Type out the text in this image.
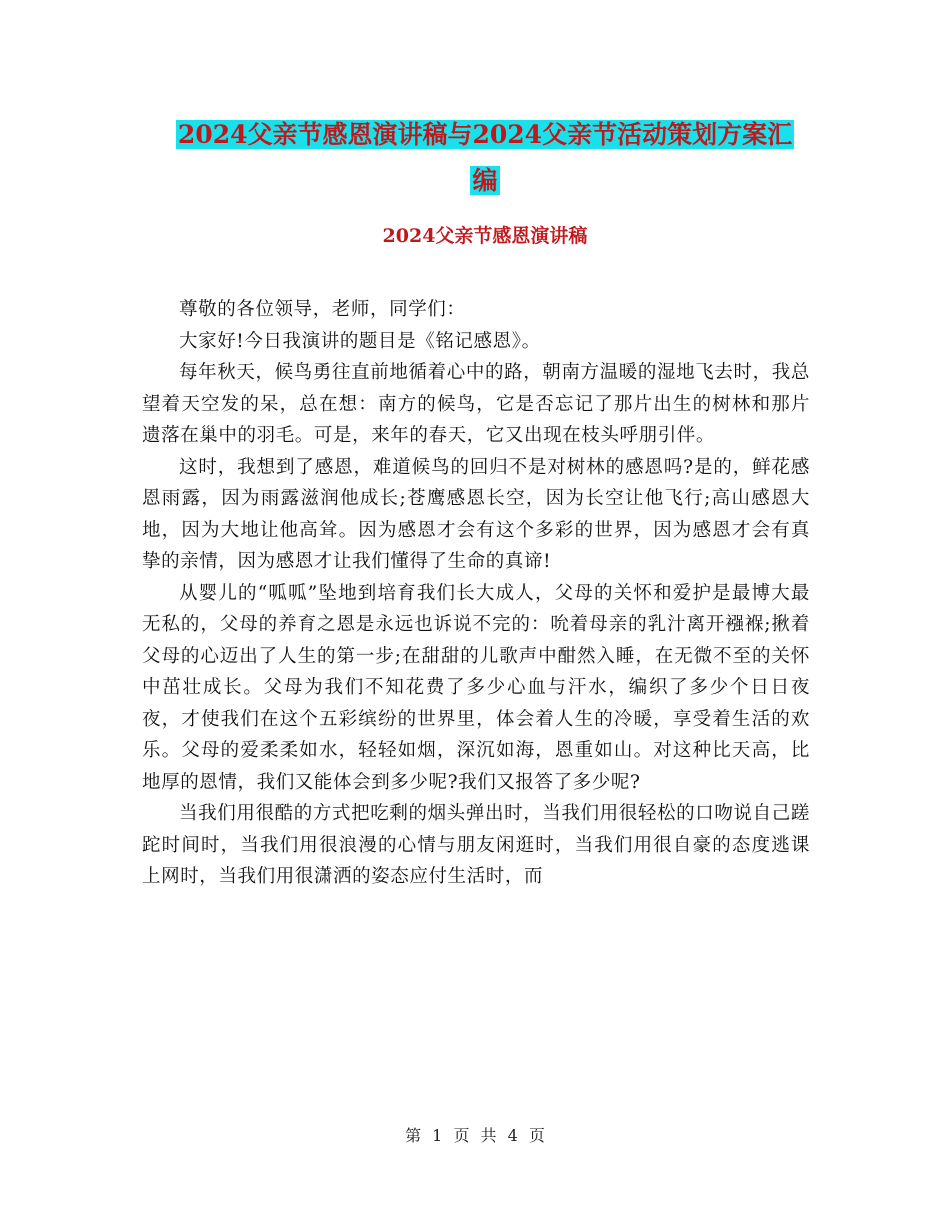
2024父亲节感恩演讲稿与2024父亲节活动策划方案汇
编
2024父亲节感恩演讲稿

尊敬的各位领导，老师，同学们：

大家好!今日我演讲的题目是《铭记感恩》。

每年秋天，候鸟勇往直前地循着心中的路，朝南方温暖的湿地飞去时，我总望着天空发的呆，总在想：南方的候鸟，它是否忘记了那片出生的树林和那片遗落在巢中的羽毛。可是，来年的春天，它又出现在枝头呼朋引伴。

这时，我想到了感恩，难道候鸟的回归不是对树林的感恩吗?是的，鲜花感恩雨露，因为雨露滋润他成长;苍鹰感恩长空，因为长空让他飞行;高山感恩大地，因为大地让他高耸。因为感恩才会有这个多彩的世界，因为感恩才会有真挚的亲情，因为感恩才让我们懂得了生命的真谛!

从婴儿的“呱呱”坠地到培育我们长大成人，父母的关怀和爱护是最博大最无私的，父母的养育之恩是永远也诉说不完的：吮着母亲的乳汁离开襁褓;揪着父母的心迈出了人生的第一步;在甜甜的儿歌声中酣然入睡，在无微不至的关怀中茁壮成长。父母为我们不知花费了多少心血与汗水，编织了多少个日日夜夜，才使我们在这个五彩缤纷的世界里，体会着人生的冷暖，享受着生活的欢乐。父母的爱柔柔如水，轻轻如烟，深沉如海，恩重如山。对这种比天高，比地厚的恩情，我们又能体会到多少呢?我们又报答了多少呢?

当我们用很酷的方式把吃剩的烟头弹出时，当我们用很轻松的口吻说自己蹉跎时间时，当我们用很浪漫的心情与朋友闲逛时，当我们用很自豪的态度逃课上网时，当我们用很潇洒的姿态应付生活时，而

第 1 页 共 4 页
